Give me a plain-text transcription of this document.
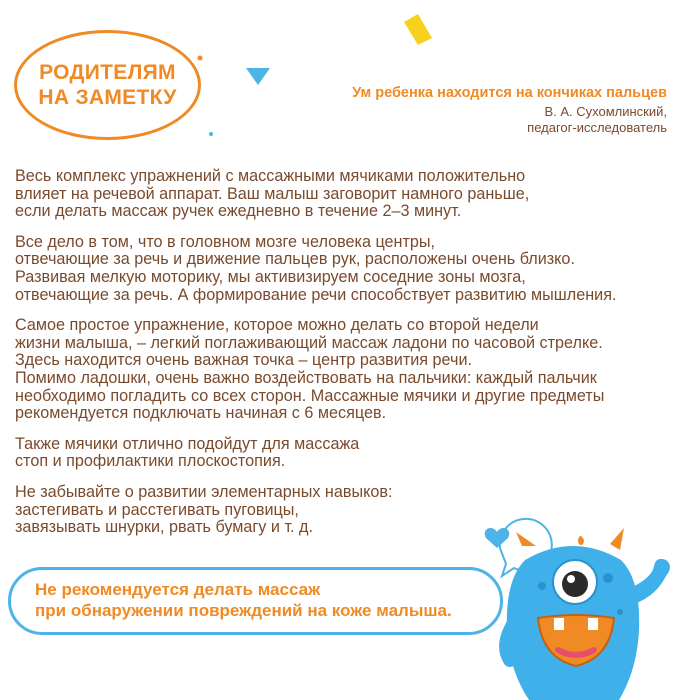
РОДИТЕЛЯМ
НА ЗАМЕТКУ	Ум ребенка находится на кончиках пальцев
В. А. Сухомлинский,
педагог-исследователь

Весь комплекс упражнений с массажными мячиками положительно
влияет на речевой аппарат. Ваш малыш заговорит намного раньше,
если делать массаж ручек ежедневно в течение 2–3 минут.

Все дело в том, что в головном мозге человека центры,
отвечающие за речь и движение пальцев рук, расположены очень близко.
Развивая мелкую моторику, мы активизируем соседние зоны мозга,
отвечающие за речь. А формирование речи способствует развитию мышления.

Самое простое упражнение, которое можно делать со второй недели
жизни малыша, – легкий поглаживающий массаж ладони по часовой стрелке.
Здесь находится очень важная точка – центр развития речи.
Помимо ладошки, очень важно воздействовать на пальчики: каждый пальчик
необходимо погладить со всех сторон. Массажные мячики и другие предметы
рекомендуется подключать начиная с 6 месяцев.

Также мячики отлично подойдут для массажа
стоп и профилактики плоскостопия.

Не забывайте о развитии элементарных навыков:
застегивать и расстегивать пуговицы,
завязывать шнурки, рвать бумагу и т. д.

Не рекомендуется делать массаж
при обнаружении повреждений на коже малыша.
